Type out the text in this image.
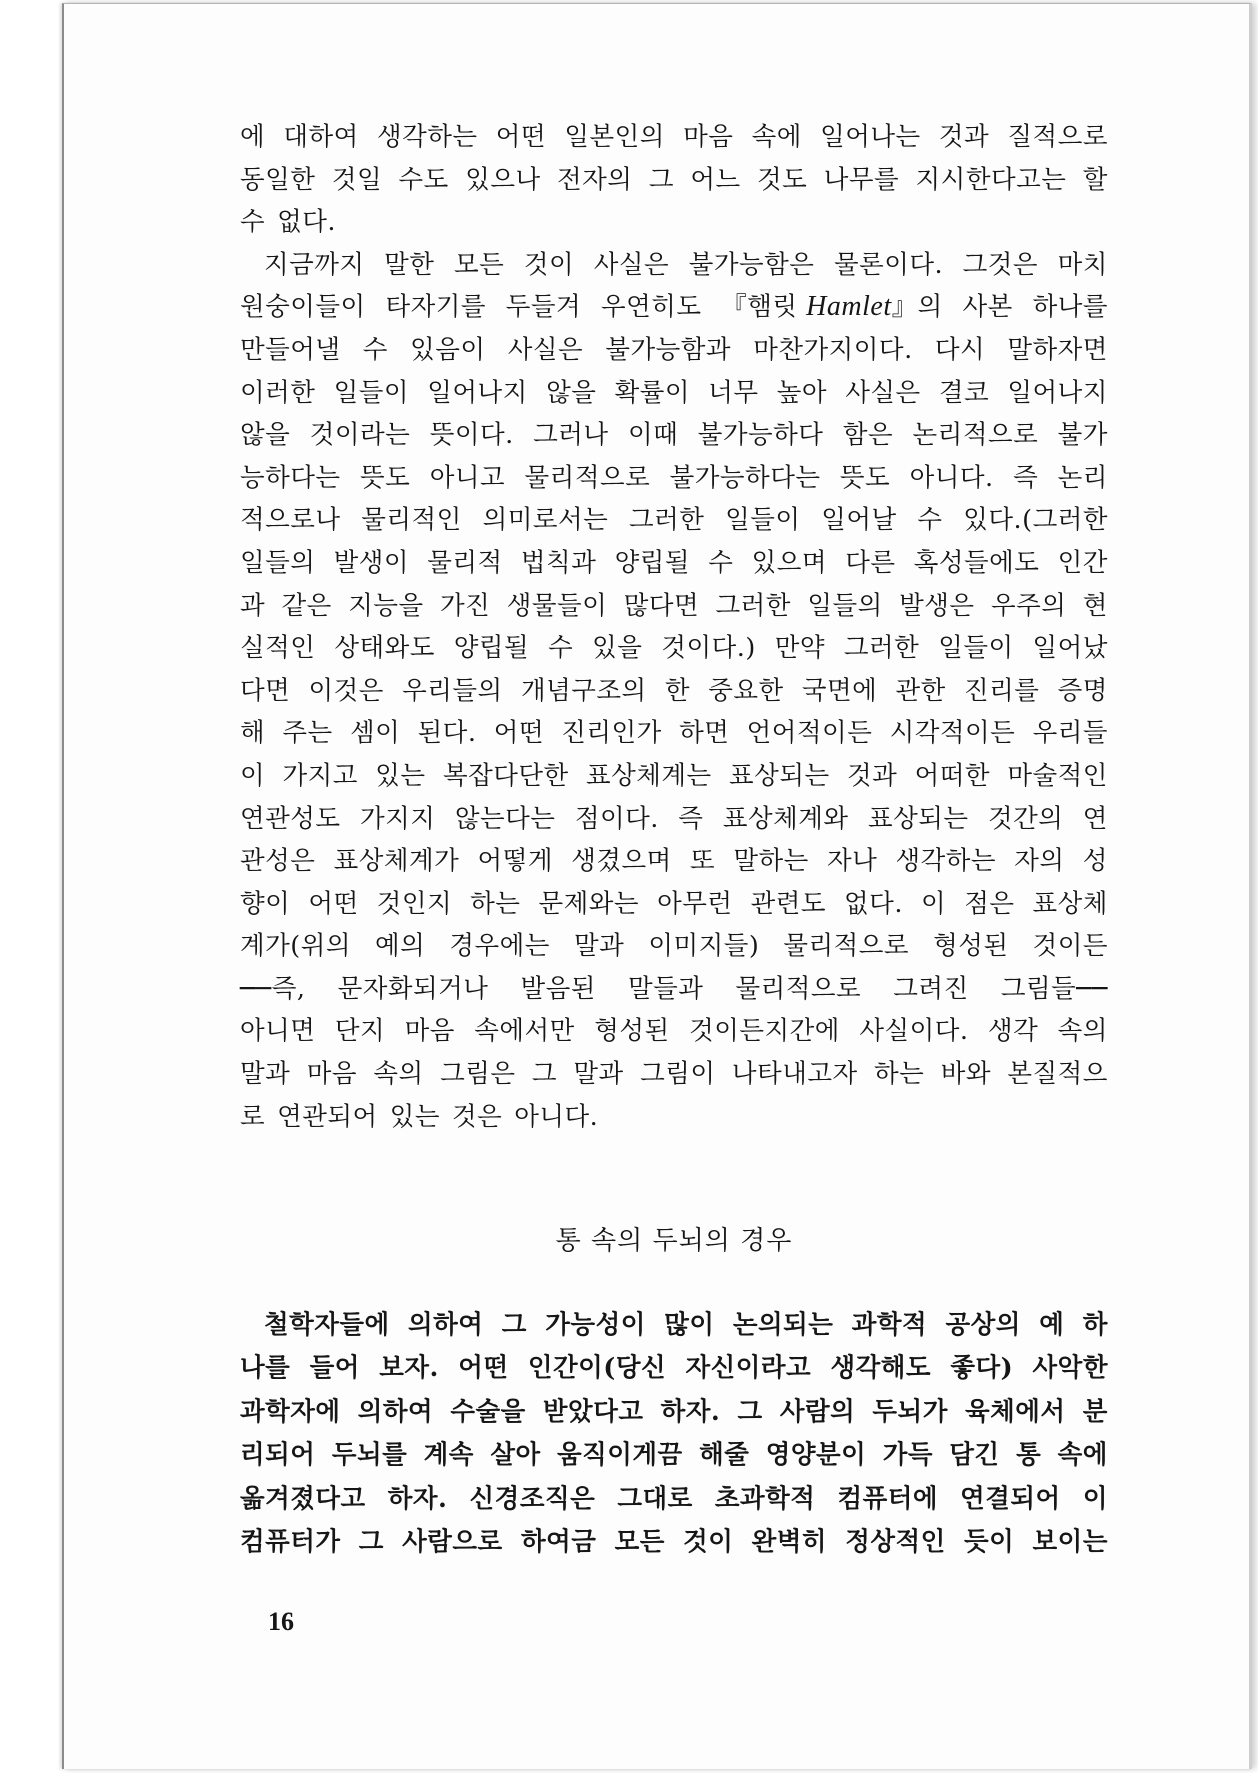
에 대하여 생각하는 어떤 일본인의 마음 속에 일어나는 것과 질적으로
동일한 것일 수도 있으나 전자의 그 어느 것도 나무를 지시한다고는 할
수 없다.
지금까지 말한 모든 것이 사실은 불가능함은 물론이다. 그것은 마치
원숭이들이 타자기를 두들겨 우연히도 『햄릿 Hamlet』의 사본 하나를
만들어낼 수 있음이 사실은 불가능함과 마찬가지이다. 다시 말하자면
이러한 일들이 일어나지 않을 확률이 너무 높아 사실은 결코 일어나지
않을 것이라는 뜻이다. 그러나 이때 불가능하다 함은 논리적으로 불가
능하다는 뜻도 아니고 물리적으로 불가능하다는 뜻도 아니다. 즉 논리
적으로나 물리적인 의미로서는 그러한 일들이 일어날 수 있다.(그러한
일들의 발생이 물리적 법칙과 양립될 수 있으며 다른 혹성들에도 인간
과 같은 지능을 가진 생물들이 많다면 그러한 일들의 발생은 우주의 현
실적인 상태와도 양립될 수 있을 것이다.) 만약 그러한 일들이 일어났
다면 이것은 우리들의 개념구조의 한 중요한 국면에 관한 진리를 증명
해 주는 셈이 된다. 어떤 진리인가 하면 언어적이든 시각적이든 우리들
이 가지고 있는 복잡다단한 표상체계는 표상되는 것과 어떠한 마술적인
연관성도 가지지 않는다는 점이다. 즉 표상체계와 표상되는 것간의 연
관성은 표상체계가 어떻게 생겼으며 또 말하는 자나 생각하는 자의 성
향이 어떤 것인지 하는 문제와는 아무런 관련도 없다. 이 점은 표상체
계가(위의 예의 경우에는 말과 이미지들) 물리적으로 형성된 것이든
──즉, 문자화되거나 발음된 말들과 물리적으로 그려진 그림들──
아니면 단지 마음 속에서만 형성된 것이든지간에 사실이다. 생각 속의
말과 마음 속의 그림은 그 말과 그림이 나타내고자 하는 바와 본질적으
로 연관되어 있는 것은 아니다.
통 속의 두뇌의 경우
철학자들에 의하여 그 가능성이 많이 논의되는 과학적 공상의 예 하
나를 들어 보자. 어떤 인간이(당신 자신이라고 생각해도 좋다) 사악한
과학자에 의하여 수술을 받았다고 하자. 그 사람의 두뇌가 육체에서 분
리되어 두뇌를 계속 살아 움직이게끔 해줄 영양분이 가득 담긴 통 속에
옮겨졌다고 하자. 신경조직은 그대로 초과학적 컴퓨터에 연결되어 이
컴퓨터가 그 사람으로 하여금 모든 것이 완벽히 정상적인 듯이 보이는
16
